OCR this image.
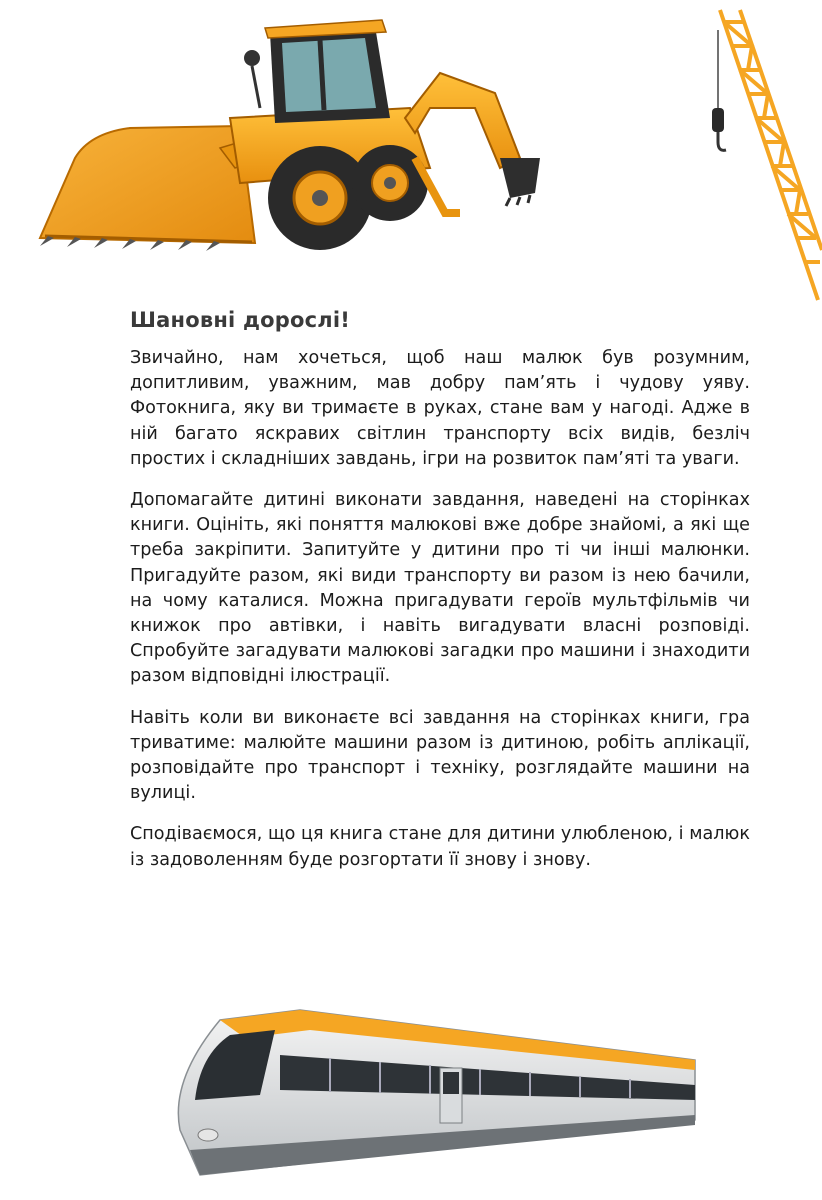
Шановні дорослі!

Звичайно, нам хочеться, щоб наш малюк був розумним, допитливим, уважним, мав добру пам’ять і чудову уяву. Фотокнига, яку ви тримаєте в руках, стане вам у нагоді. Адже в ній багато яскравих світлин транспорту всіх видів, безліч простих і складніших завдань, ігри на розвиток пам’яті та уваги.

Допомагайте дитині виконати завдання, наведені на сторінках книги. Оцініть, які поняття малюкові вже добре знайомі, а які ще треба закріпити. Запитуйте у дитини про ті чи інші малюнки. Пригадуйте разом, які види транспорту ви разом із нею бачили, на чому каталися. Можна пригадувати героїв мультфільмів чи книжок про автівки, і навіть вигадувати власні розповіді. Спробуйте загадувати малюкові загадки про машини і знаходити разом відповідні ілюстрації.

Навіть коли ви виконаєте всі завдання на сторінках книги, гра триватиме: малюйте машини разом із дитиною, робіть аплікації, розповідайте про транспорт і техніку, розглядайте машини на вулиці.

Сподіваємося, що ця книга стане для дитини улюбленою, і малюк із задоволенням буде розгортати її знову і знову.
